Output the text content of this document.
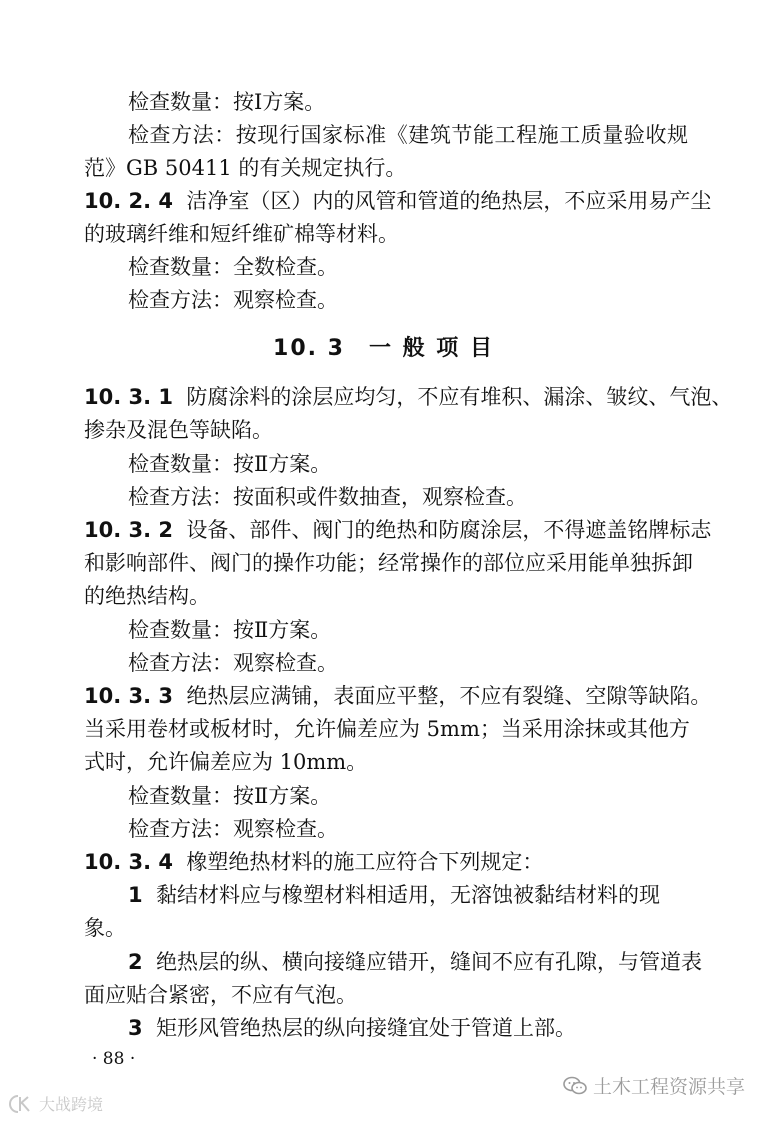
检查数量：按Ⅰ方案。
检查方法：按现行国家标准《建筑节能工程施工质量验收规
范》GB 50411 的有关规定执行。
10. 2. 4 洁净室（区）内的风管和管道的绝热层，不应采用易产尘
的玻璃纤维和短纤维矿棉等材料。
检查数量：全数检查。
检查方法：观察检查。
10. 3　一 般 项 目
10. 3. 1 防腐涂料的涂层应均匀，不应有堆积、漏涂、皱纹、气泡、
掺杂及混色等缺陷。
检查数量：按Ⅱ方案。
检查方法：按面积或件数抽查，观察检查。
10. 3. 2 设备、部件、阀门的绝热和防腐涂层，不得遮盖铭牌标志
和影响部件、阀门的操作功能；经常操作的部位应采用能单独拆卸
的绝热结构。
检查数量：按Ⅱ方案。
检查方法：观察检查。
10. 3. 3 绝热层应满铺，表面应平整，不应有裂缝、空隙等缺陷。
当采用卷材或板材时，允许偏差应为 5mm；当采用涂抹或其他方
式时，允许偏差应为 10mm。
检查数量：按Ⅱ方案。
检查方法：观察检查。
10. 3. 4 橡塑绝热材料的施工应符合下列规定：
1 黏结材料应与橡塑材料相适用，无溶蚀被黏结材料的现
象。
2 绝热层的纵、横向接缝应错开，缝间不应有孔隙，与管道表
面应贴合紧密，不应有气泡。
3 矩形风管绝热层的纵向接缝宜处于管道上部。
· 88 ·
土木工程资源共享
大战跨境
